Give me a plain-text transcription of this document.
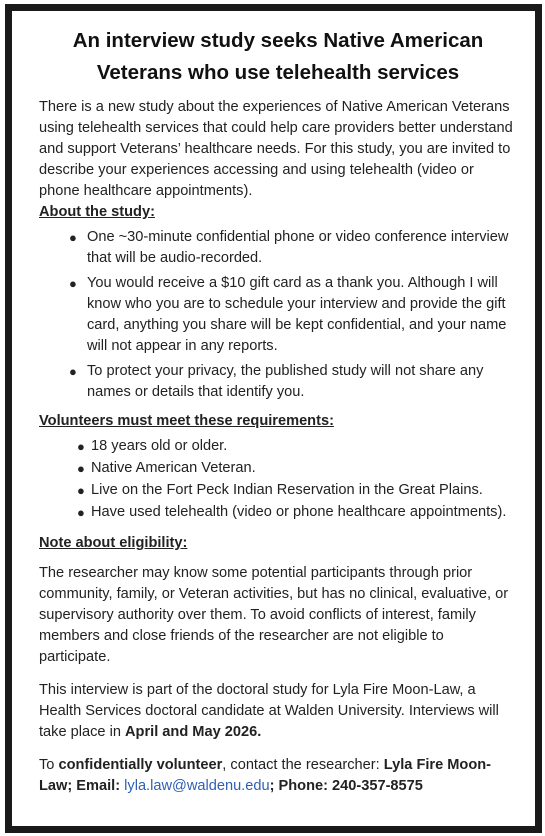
An interview study seeks Native American
Veterans who use telehealth services

There is a new study about the experiences of Native American Veterans using telehealth services that could help care providers better understand and support Veterans’ healthcare needs. For this study, you are invited to describe your experiences accessing and using telehealth (video or phone healthcare appointments).

About the study:
● One ~30-minute confidential phone or video conference interview that will be audio-recorded.
● You would receive a $10 gift card as a thank you. Although I will know who you are to schedule your interview and provide the gift card, anything you share will be kept confidential, and your name will not appear in any reports.
● To protect your privacy, the published study will not share any names or details that identify you.
Volunteers must meet these requirements:
● 18 years old or older.
● Native American Veteran.
● Live on the Fort Peck Indian Reservation in the Great Plains.
● Have used telehealth (video or phone healthcare appointments).
Note about eligibility:

The researcher may know some potential participants through prior community, family, or Veteran activities, but has no clinical, evaluative, or supervisory authority over them. To avoid conflicts of interest, family members and close friends of the researcher are not eligible to participate.

This interview is part of the doctoral study for Lyla Fire Moon-Law, a Health Services doctoral candidate at Walden University. Interviews will take place in April and May 2026.

To confidentially volunteer, contact the researcher: Lyla Fire Moon-Law; Email: lyla.law@waldenu.edu; Phone: 240-357-8575
